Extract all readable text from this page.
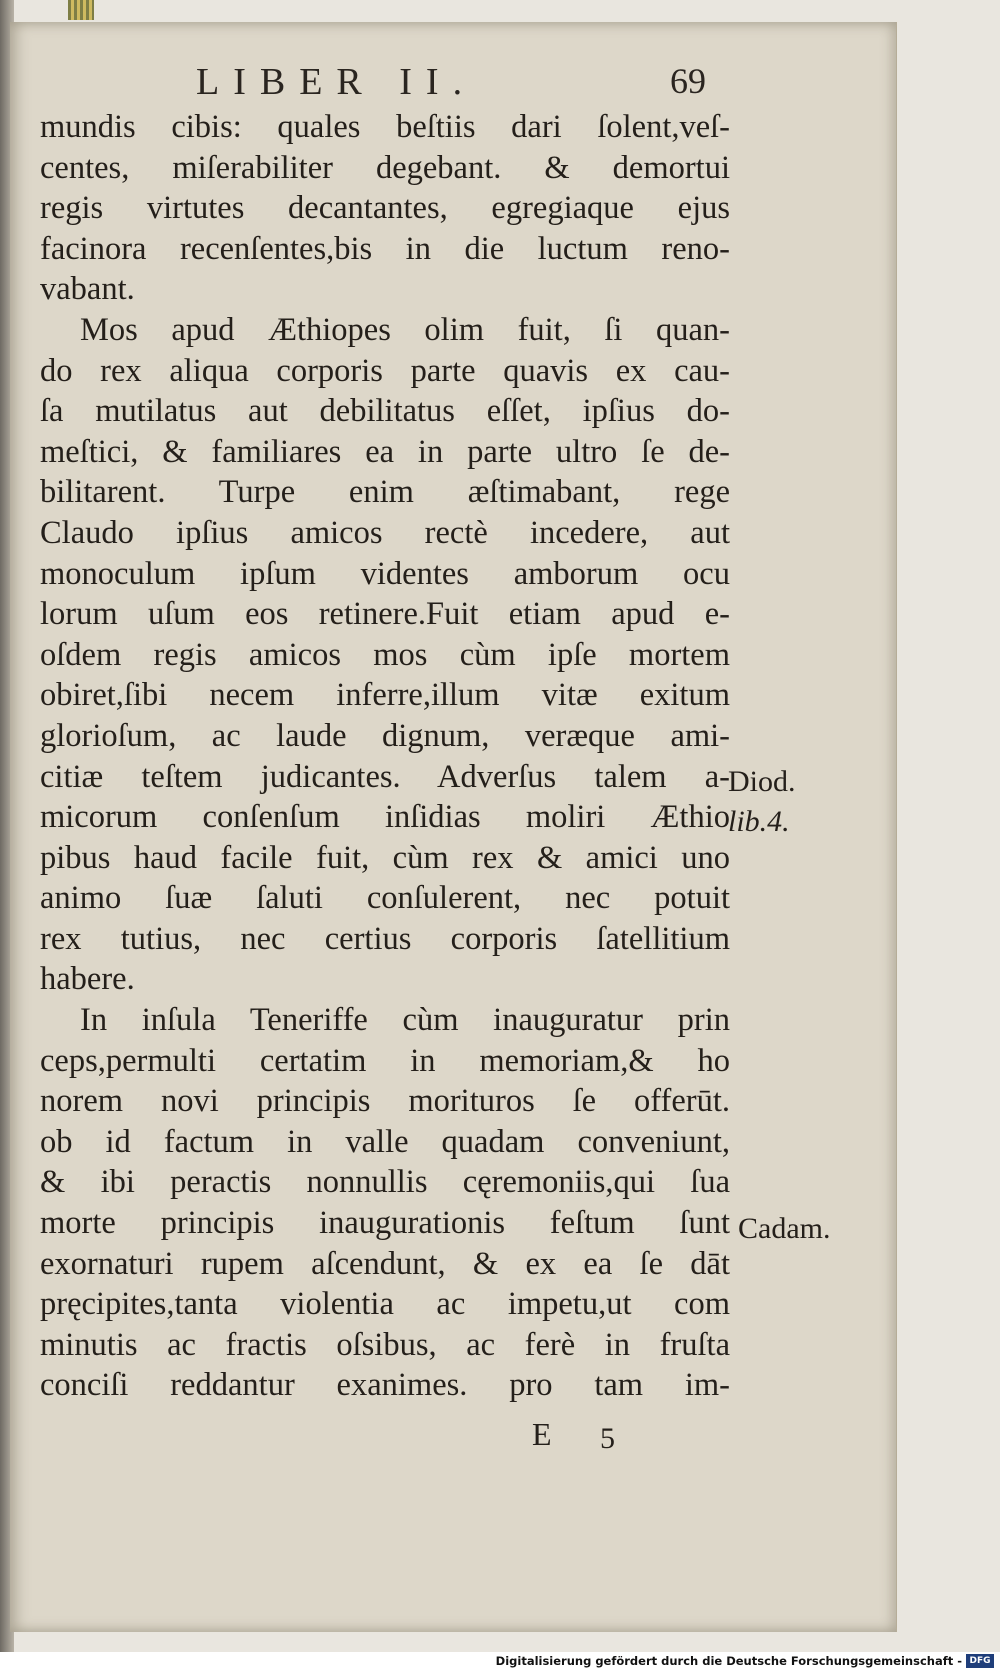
LIBER II.	69
mundis cibis: quales beſtiis dari ſolent,veſ-
centes, miſerabiliter degebant. & demortui
regis virtutes decantantes, egregiaque ejus
facinora recenſentes,bis in die luctum reno-
vabant.
Mos apud Æthiopes olim fuit, ſi quan-
do rex aliqua corporis parte quavis ex cau-
ſa mutilatus aut debilitatus eſſet, ipſius do-
meſtici, & familiares ea in parte ultro ſe de-
bilitarent. Turpe enim æſtimabant, rege
Claudo ipſius amicos rectè incedere, aut
monoculum ipſum videntes amborum ocu
lorum uſum eos retinere.Fuit etiam apud e-
oſdem regis amicos mos cùm ipſe mortem
obiret,ſibi necem inferre,illum vitæ exitum
glorioſum, ac laude dignum, veræque ami-
citiæ teſtem judicantes. Adverſus talem a-
micorum conſenſum inſidias moliri Æthio
pibus haud facile fuit, cùm rex & amici uno
animo ſuæ ſaluti conſulerent, nec potuit
rex tutius, nec certius corporis ſatellitium
habere.
In inſula Teneriffe cùm inauguratur prin
ceps,permulti certatim in memoriam,& ho
norem novi principis morituros ſe offerūt.
ob id factum in valle quadam conveniunt,
& ibi peractis nonnullis cęremoniis,qui ſua
morte principis inaugurationis feſtum ſunt
exornaturi rupem aſcendunt, & ex ea ſe dāt
pręcipites,tanta violentia ac impetu,ut com
minutis ac fractis oſsibus, ac ferè in fruſta
conciſi reddantur exanimes. pro tam im-
Diod.
lib.4.
Cadam.
E 5
Digitalisierung gefördert durch die Deutsche Forschungsgemeinschaft - DFG
